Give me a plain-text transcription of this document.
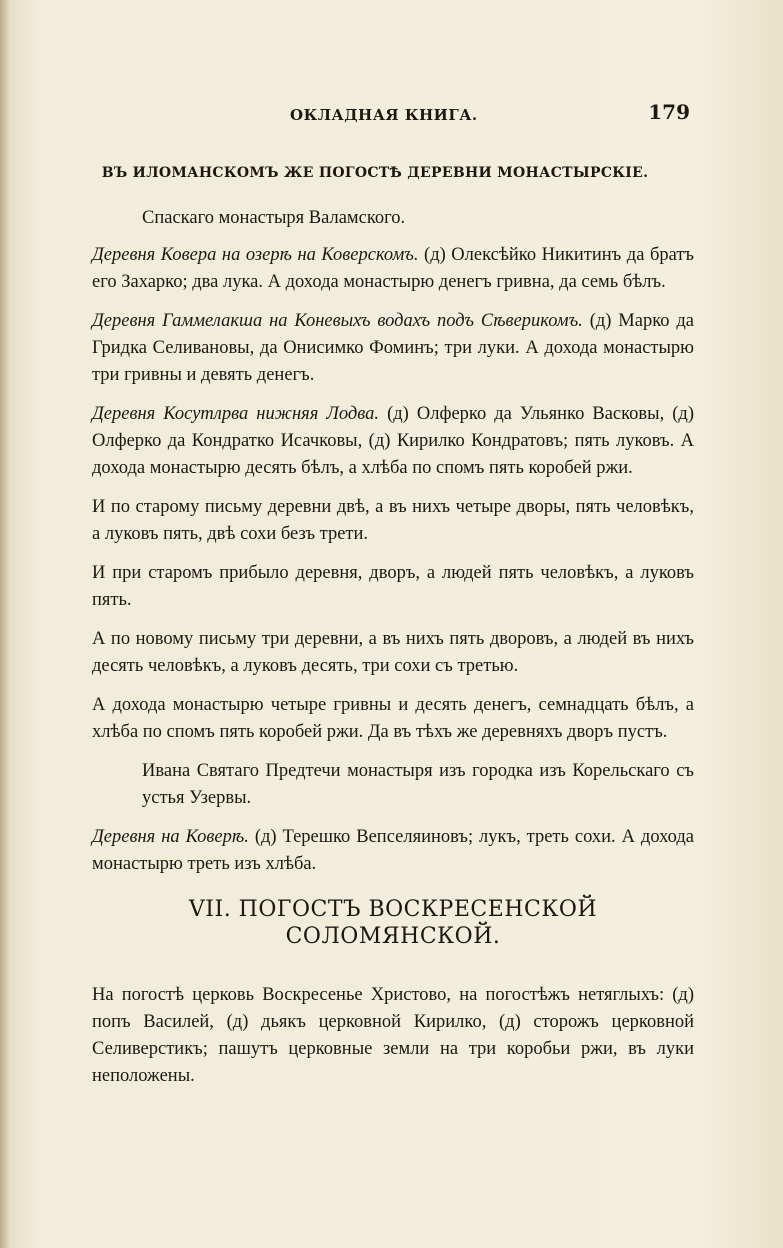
ОКЛАДНАЯ КНИГА.	179
ВЪ ИЛОМАНСКОМЪ ЖЕ ПОГОСТѢ ДЕРЕВНИ МОНАСТЫРСКІЕ.

Спаскаго монастыря Валамского.

Деревня Ковера на озерѣ на Коверскомъ. (д) Олексѣйко Никитинъ да братъ его Захарко; два лука. А дохода монастырю денегъ гривна, да семь бѣлъ.

Деревня Гаммелакша на Коневыхъ водахъ подъ Сѣверикомъ. (д) Марко да Гридка Селивановы, да Онисимко Фоминъ; три луки. А дохода монастырю три гривны и девять денегъ.

Деревня Косутлрва нижняя Лодва. (д) Олферко да Ульянко Васковы, (д) Олферко да Кондратко Исачковы, (д) Кирилко Кондратовъ; пять луковъ. А дохода монастырю десять бѣлъ, а хлѣба по спомъ пять коробей ржи.

И по старому письму деревни двѣ, а въ нихъ четыре дворы, пять человѣкъ, а луковъ пять, двѣ сохи безъ трети.

И при старомъ прибыло деревня, дворъ, а людей пять человѣкъ, а луковъ пять.

А по новому письму три деревни, а въ нихъ пять дворовъ, а людей въ нихъ десять человѣкъ, а луковъ десять, три сохи съ третью.

А дохода монастырю четыре гривны и десять денегъ, семнадцать бѣлъ, а хлѣба по спомъ пять коробей ржи. Да въ тѣхъ же деревняхъ дворъ пустъ.

Ивана Святаго Предтечи монастыря изъ городка изъ Корельскаго съ устья Узервы.

Деревня на Коверѣ. (д) Терешко Вепселяиновъ; лукъ, треть сохи. А дохода монастырю треть изъ хлѣба.

VII. ПОГОСТЪ ВОСКРЕСЕНСКОЙ СОЛОМЯНСКОЙ.

На погостѣ церковь Воскресенье Христово, на погостѣжъ нетяглыхъ: (д) попъ Василей, (д) дьякъ церковной Кирилко, (д) сторожъ церковной Селиверстикъ; пашутъ церковные земли на три коробьи ржи, въ луки неположены.
